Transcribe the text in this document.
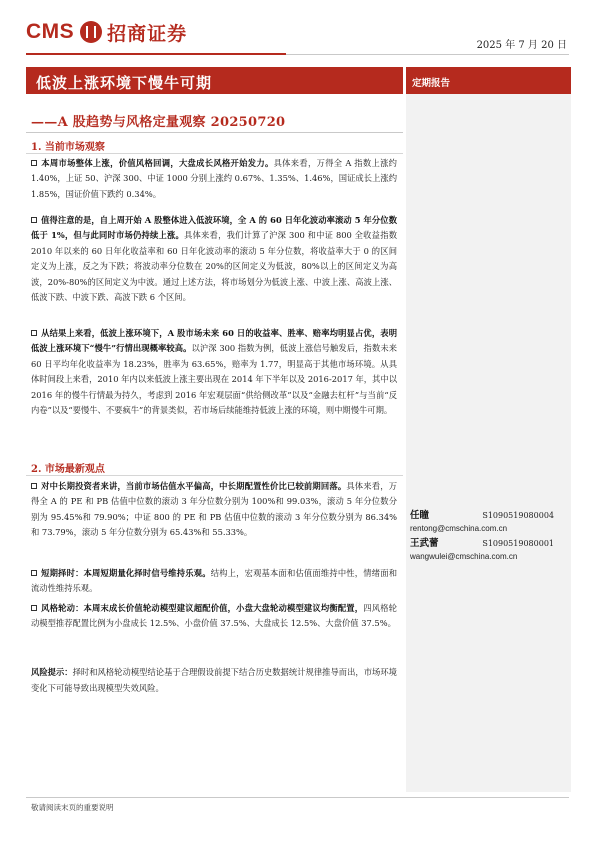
CMS 招商证券
2025 年 7 月 20 日
低波上涨环境下慢牛可期
——A 股趋势与风格定量观察 20250720
定期报告
任瞳	S1090519080004
rentong@cmschina.com.cn
王武蕾	S1090519080001
wangwulei@cmschina.com.cn
1. 当前市场观察
本周市场整体上涨，价值风格回调，大盘成长风格开始发力。具体来看，万得全 A 指数上涨约 1.40%，上证 50、沪深 300、中证 1000 分别上涨约 0.67%、1.35%、1.46%，国证成长上涨约 1.85%，国证价值下跌约 0.34%。
值得注意的是，自上周开始 A 股整体进入低波环境，全 A 的 60 日年化波动率滚动 5 年分位数低于 1%，但与此同时市场仍持续上涨。具体来看，我们计算了沪深 300 和中证 800 全收益指数 2010 年以来的 60 日年化收益率和 60 日年化波动率的滚动 5 年分位数，将收益率大于 0 的区间定义为上涨，反之为下跌；将波动率分位数在 20%的区间定义为低波，80%以上的区间定义为高波，20%-80%的区间定义为中波。通过上述方法，将市场划分为低波上涨、中波上涨、高波上涨、低波下跌、中波下跌、高波下跌 6 个区间。
从结果上来看，低波上涨环境下，A 股市场未来 60 日的收益率、胜率、赔率均明显占优，表明低波上涨环境下“慢牛”行情出现概率较高。以沪深 300 指数为例，低波上涨信号触发后，指数未来 60 日平均年化收益率为 18.23%，胜率为 63.65%，赔率为 1.77，明显高于其他市场环境。从具体时间段上来看，2010 年内以来低波上涨主要出现在 2014 年下半年以及 2016-2017 年，其中以 2016 年的慢牛行情最为持久，考虑到 2016 年宏观层面“供给侧改革”以及“金融去杠杆”与当前“反内卷”以及“要慢牛、不要疯牛”的背景类似，若市场后续能维持低波上涨的环境，则中期慢牛可期。
2. 市场最新观点
对中长期投资者来讲，当前市场估值水平偏高，中长期配置性价比已较前期回落。具体来看，万得全 A 的 PE 和 PB 估值中位数的滚动 3 年分位数分别为 100%和 99.03%，滚动 5 年分位数分别为 95.45%和 79.90%；中证 800 的 PE 和 PB 估值中位数的滚动 3 年分位数分别为 86.34%和 73.79%，滚动 5 年分位数分别为 65.43%和 55.33%。
短期择时：本周短期量化择时信号维持乐观。结构上，宏观基本面和估值面维持中性，情绪面和流动性维持乐观。
风格轮动：本周末成长价值轮动模型建议超配价值，小盘大盘轮动模型建议均衡配置，四风格轮动模型推荐配置比例为小盘成长 12.5%、小盘价值 37.5%、大盘成长 12.5%、大盘价值 37.5%。
风险提示：择时和风格轮动模型结论基于合理假设前提下结合历史数据统计规律推导而出，市场环境变化下可能导致出现模型失效风险。
敬请阅读末页的重要说明
